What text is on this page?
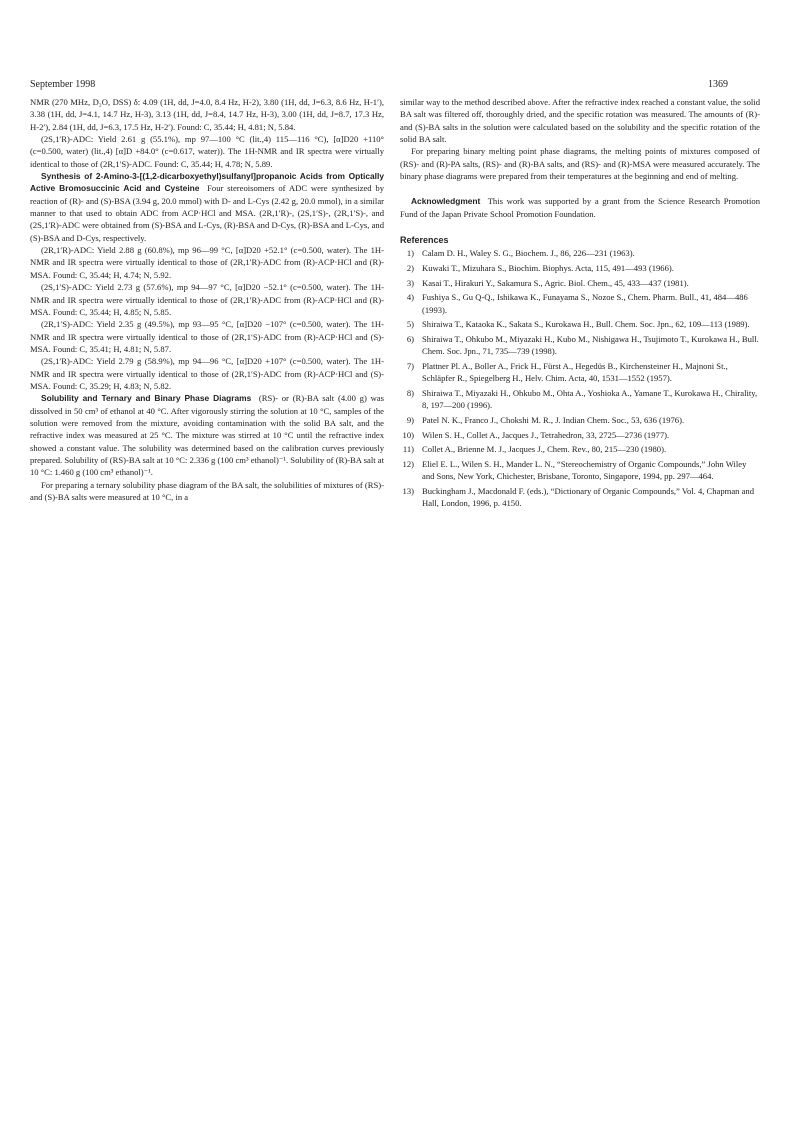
September 1998	1369

NMR (270 MHz, D₂O, DSS) δ: 4.09 (1H, dd, J=4.0, 8.4 Hz, H-2), 3.80 (1H, dd, J=6.3, 8.6 Hz, H-1′), 3.38 (1H, dd, J=4.1, 14.7 Hz, H-3), 3.13 (1H, dd, J=8.4, 14.7 Hz, H-3), 3.00 (1H, dd, J=8.7, 17.3 Hz, H-2′), 2.84 (1H, dd, J=6.3, 17.5 Hz, H-2′). Found: C, 35.44; H, 4.81; N, 5.84.

(2S,1′R)-ADC: Yield 2.61 g (55.1%), mp 97—100 °C (lit.,4) 115—116 °C), [α]D20 +110° (c=0.500, water) (lit.,4) [α]D +84.0° (c=0.617, water)). The 1H-NMR and IR spectra were virtually identical to those of (2R,1′S)-ADC. Found: C, 35.44; H, 4.78; N, 5.89.

Synthesis of 2-Amino-3-[(1,2-dicarboxyethyl)sulfanyl]propanoic Acids from Optically Active Bromosuccinic Acid and Cysteine Four stereoisomers of ADC were synthesized by reaction of (R)- and (S)-BSA (3.94 g, 20.0 mmol) with D- and L-Cys (2.42 g, 20.0 mmol), in a similar manner to that used to obtain ADC from ACP·HCl and MSA. (2R,1′R)-, (2S,1′S)-, (2R,1′S)-, and (2S,1′R)-ADC were obtained from (S)-BSA and L-Cys, (R)-BSA and D-Cys, (R)-BSA and L-Cys, and (S)-BSA and D-Cys, respectively.

(2R,1′R)-ADC: Yield 2.88 g (60.8%), mp 96—99 °C, [α]D20 +52.1° (c=0.500, water). The 1H-NMR and IR spectra were virtually identical to those of (2R,1′R)-ADC from (R)-ACP·HCl and (R)-MSA. Found: C, 35.44; H, 4.74; N, 5.92.

(2S,1′S)-ADC: Yield 2.73 g (57.6%), mp 94—97 °C, [α]D20 −52.1° (c=0.500, water). The 1H-NMR and IR spectra were virtually identical to those of (2R,1′R)-ADC from (R)-ACP·HCl and (R)-MSA. Found: C, 35.44; H, 4.85; N, 5.85.

(2R,1′S)-ADC: Yield 2.35 g (49.5%), mp 93—95 °C, [α]D20 −107° (c=0.500, water). The 1H-NMR and IR spectra were virtually identical to those of (2R,1′S)-ADC from (R)-ACP·HCl and (S)-MSA. Found: C, 35.41; H, 4.81; N, 5.87.

(2S,1′R)-ADC: Yield 2.79 g (58.9%), mp 94—96 °C, [α]D20 +107° (c=0.500, water). The 1H-NMR and IR spectra were virtually identical to those of (2R,1′S)-ADC from (R)-ACP·HCl and (S)-MSA. Found: C, 35.29; H, 4.83; N, 5.82.

Solubility and Ternary and Binary Phase Diagrams (RS)- or (R)-BA salt (4.00 g) was dissolved in 50 cm³ of ethanol at 40 °C. After vigorously stirring the solution at 10 °C, samples of the solution were removed from the mixture, avoiding contamination with the solid BA salt, and the refractive index was measured at 25 °C. The mixture was stirred at 10 °C until the refractive index showed a constant value. The solubility was determined based on the calibration curves previously prepared. Solubility of (RS)-BA salt at 10 °C: 2.336 g (100 cm³ ethanol)⁻¹. Solubility of (R)-BA salt at 10 °C: 1.460 g (100 cm³ ethanol)⁻¹.

For preparing a ternary solubility phase diagram of the BA salt, the solubilities of mixtures of (RS)- and (S)-BA salts were measured at 10 °C, in a

similar way to the method described above. After the refractive index reached a constant value, the solid BA salt was filtered off, thoroughly dried, and the specific rotation was measured. The amounts of (R)- and (S)-BA salts in the solution were calculated based on the solubility and the specific rotation of the solid BA salt.

For preparing binary melting point phase diagrams, the melting points of mixtures composed of (RS)- and (R)-PA salts, (RS)- and (R)-BA salts, and (RS)- and (R)-MSA were measured accurately. The binary phase diagrams were prepared from their temperatures at the beginning and end of melting.

Acknowledgment This work was supported by a grant from the Science Research Promotion Fund of the Japan Private School Promotion Foundation.

References
1) Calam D. H., Waley S. G., Biochem. J., 86, 226—231 (1963).
2) Kuwaki T., Mizuhara S., Biochim. Biophys. Acta, 115, 491—493 (1966).
3) Kasai T., Hirakuri Y., Sakamura S., Agric. Biol. Chem., 45, 433—437 (1981).
4) Fushiya S., Gu Q-Q., Ishikawa K., Funayama S., Nozoe S., Chem. Pharm. Bull., 41, 484—486 (1993).
5) Shiraiwa T., Kataoka K., Sakata S., Kurokawa H., Bull. Chem. Soc. Jpn., 62, 109—113 (1989).
6) Shiraiwa T., Ohkubo M., Miyazaki H., Kubo M., Nishigawa H., Tsujimoto T., Kurokawa H., Bull. Chem. Soc. Jpn., 71, 735—739 (1998).
7) Plattner Pl. A., Boller A., Frick H., Fürst A., Hegedüs B., Kirchensteiner H., Majnoni St., Schläpfer R., Spiegelberg H., Helv. Chim. Acta, 40, 1531—1552 (1957).
8) Shiraiwa T., Miyazaki H., Ohkubo M., Ohta A., Yoshioka A., Yamane T., Kurokawa H., Chirality, 8, 197—200 (1996).
9) Patel N. K., Franco J., Chokshi M. R., J. Indian Chem. Soc., 53, 636 (1976).
10) Wilen S. H., Collet A., Jacques J., Tetrahedron, 33, 2725—2736 (1977).
11) Collet A., Brienne M. J., Jacques J., Chem. Rev., 80, 215—230 (1980).
12) Eliel E. L., Wilen S. H., Mander L. N., “Stereochemistry of Organic Compounds,” John Wiley and Sons, New York, Chichester, Brisbane, Toronto, Singapore, 1994, pp. 297—464.
13) Buckingham J., Macdonald F. (eds.), “Dictionary of Organic Compounds,” Vol. 4, Chapman and Hall, London, 1996, p. 4150.
